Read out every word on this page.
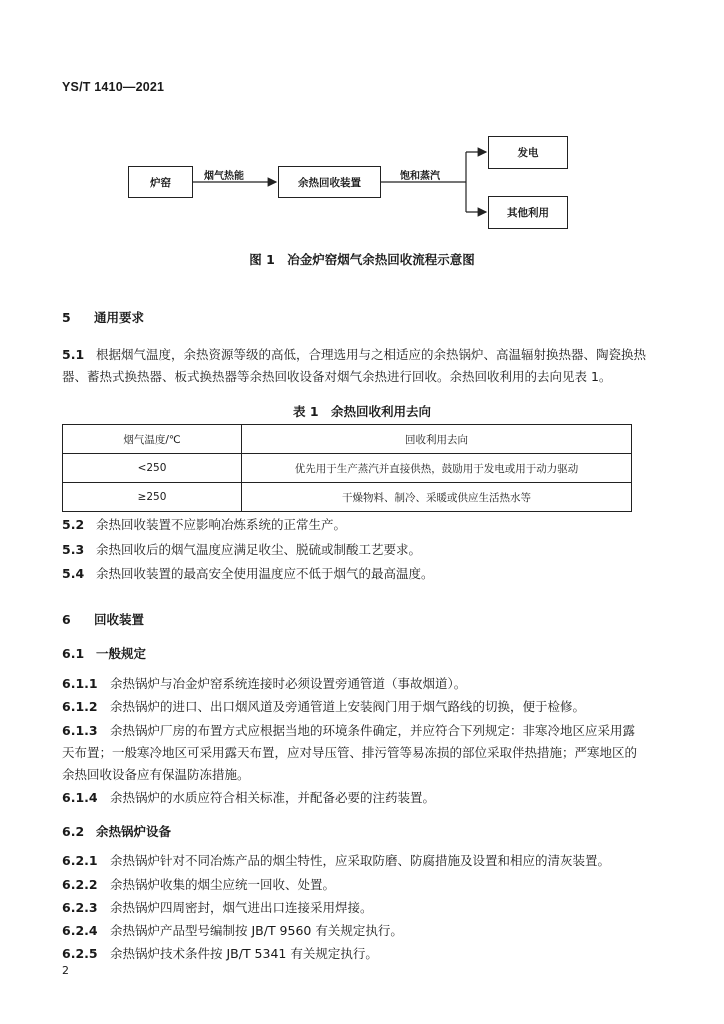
YS/T 1410—2021
炉窑	余热回收装置
发电
其他利用
烟气热能	饱和蒸汽
图 1　冶金炉窑烟气余热回收流程示意图
5 通用要求
5.1 根据烟气温度，余热资源等级的高低，合理选用与之相适应的余热锅炉、高温辐射换热器、陶瓷换热
器、蓄热式换热器、板式换热器等余热回收设备对烟气余热进行回收。余热回收利用的去向见表 1。
表 1　余热回收利用去向
烟气温度/℃	回收利用去向
<250	优先用于生产蒸汽并直接供热，鼓励用于发电或用于动力驱动
≥250	干燥物料、制冷、采暖或供应生活热水等
5.2 余热回收装置不应影响冶炼系统的正常生产。
5.3 余热回收后的烟气温度应满足收尘、脱硫或制酸工艺要求。
5.4 余热回收装置的最高安全使用温度应不低于烟气的最高温度。
6 回收装置
6.1 一般规定
6.1.1 余热锅炉与冶金炉窑系统连接时必须设置旁通管道（事故烟道）。
6.1.2 余热锅炉的进口、出口烟风道及旁通管道上安装阀门用于烟气路线的切换，便于检修。
6.1.3 余热锅炉厂房的布置方式应根据当地的环境条件确定，并应符合下列规定：非寒冷地区应采用露
天布置；一般寒冷地区可采用露天布置，应对导压管、排污管等易冻损的部位采取伴热措施；严寒地区的
余热回收设备应有保温防冻措施。
6.1.4 余热锅炉的水质应符合相关标准，并配备必要的注药装置。
6.2 余热锅炉设备
6.2.1 余热锅炉针对不同冶炼产品的烟尘特性，应采取防磨、防腐措施及设置和相应的清灰装置。
6.2.2 余热锅炉收集的烟尘应统一回收、处置。
6.2.3 余热锅炉四周密封，烟气进出口连接采用焊接。
6.2.4 余热锅炉产品型号编制按 JB/T 9560 有关规定执行。
6.2.5 余热锅炉技术条件按 JB/T 5341 有关规定执行。
2
